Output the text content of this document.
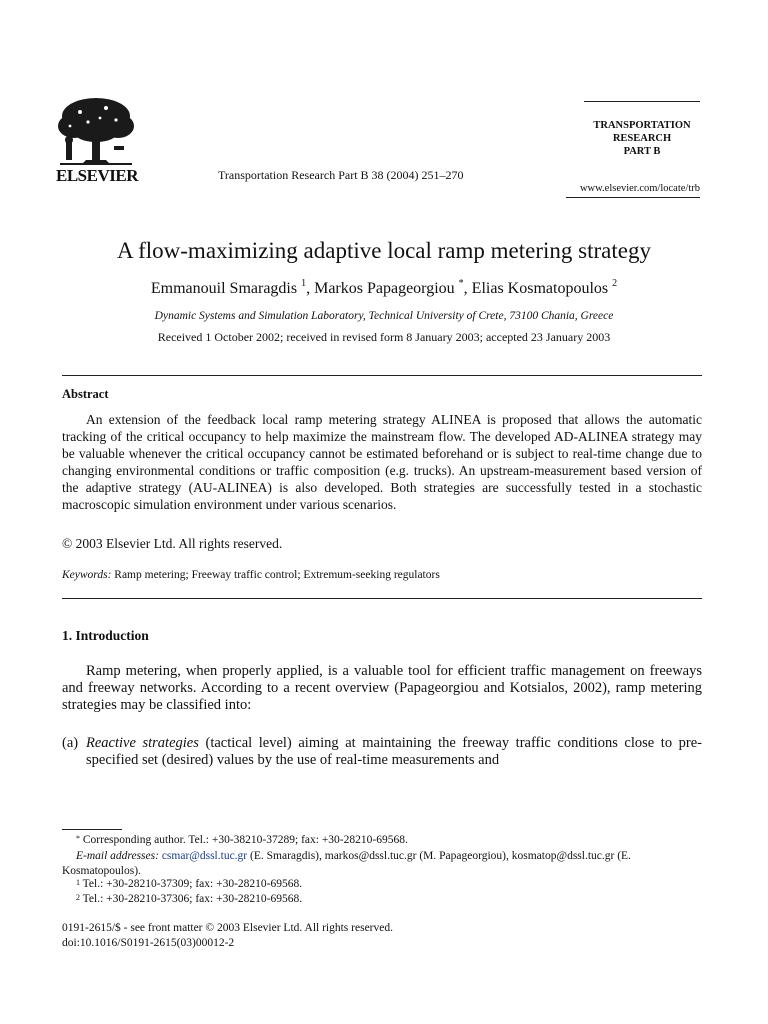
ELSEVIER	Transportation Research Part B 38 (2004) 251–270
TRANSPORTATION
RESEARCH
PART B
www.elsevier.com/locate/trb
A flow-maximizing adaptive local ramp metering strategy
Emmanouil Smaragdis $^1$, Markos Papageorgiou *, Elias Kosmatopoulos $^2$
Dynamic Systems and Simulation Laboratory, Technical University of Crete, 73100 Chania, Greece
Received 1 October 2002; received in revised form 8 January 2003; accepted 23 January 2003
Abstract
An extension of the feedback local ramp metering strategy ALINEA is proposed that allows the automatic tracking of the critical occupancy to help maximize the mainstream flow. The developed AD-ALINEA strategy may be valuable whenever the critical occupancy cannot be estimated beforehand or is subject to real-time change due to changing environmental conditions or traffic composition (e.g. trucks). An upstream-measurement based version of the adaptive strategy (AU-ALINEA) is also developed. Both strategies are successfully tested in a stochastic macroscopic simulation environment under various scenarios.
© 2003 Elsevier Ltd. All rights reserved.
Keywords: Ramp metering; Freeway traffic control; Extremum-seeking regulators
1. Introduction
Ramp metering, when properly applied, is a valuable tool for efficient traffic management on freeways and freeway networks. According to a recent overview (Papageorgiou and Kotsialos, 2002), ramp metering strategies may be classified into:
(a) Reactive strategies (tactical level) aiming at maintaining the freeway traffic conditions close to pre-specified set (desired) values by the use of real-time measurements and
* Corresponding author. Tel.: +30-38210-37289; fax: +30-28210-69568.
E-mail addresses: csmar@dssl.tuc.gr (E. Smaragdis), markos@dssl.tuc.gr (M. Papageorgiou), kosmatop@dssl.tuc.gr (E. Kosmatopoulos).
$^1$ Tel.: +30-28210-37309; fax: +30-28210-69568.
$^2$ Tel.: +30-28210-37306; fax: +30-28210-69568.
0191-2615/$ - see front matter © 2003 Elsevier Ltd. All rights reserved.
doi:10.1016/S0191-2615(03)00012-2
